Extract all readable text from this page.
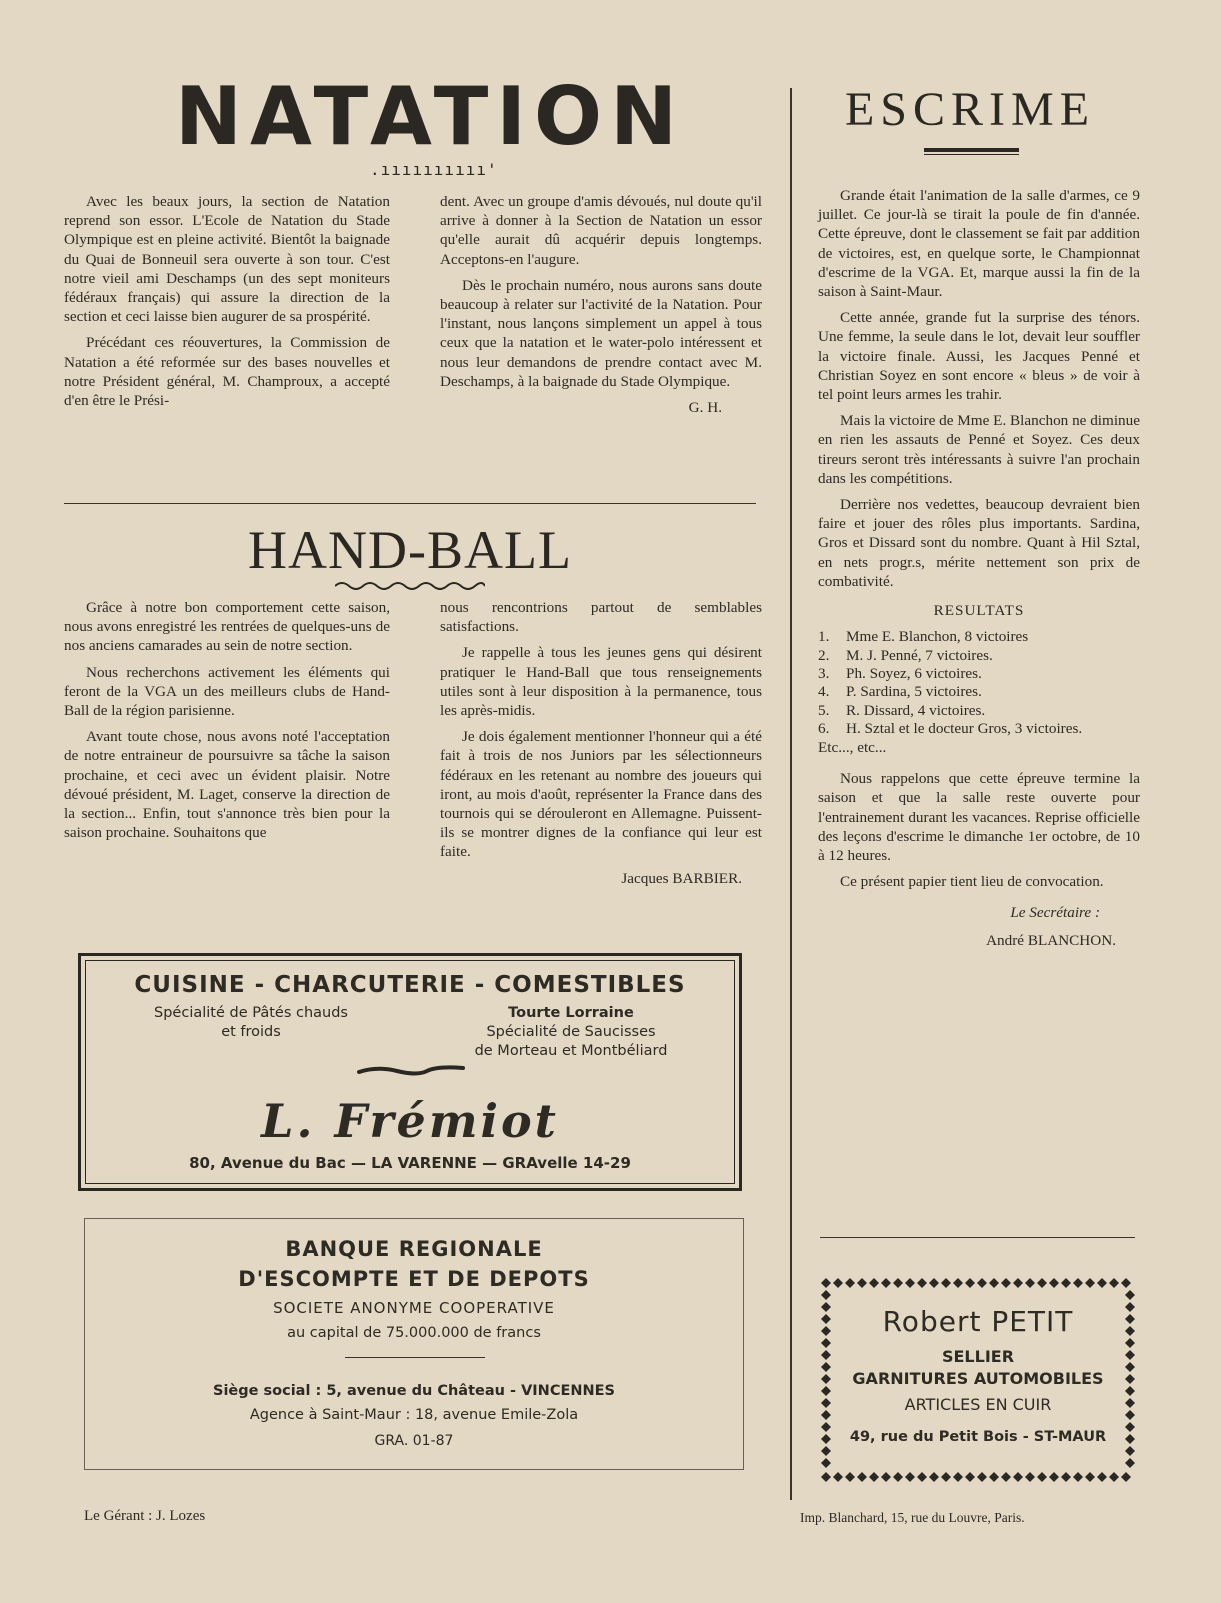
NATATION
.ıııııııııı'

Avec les beaux jours, la section de Natation reprend son essor. L'Ecole de Natation du Stade Olympique est en pleine activité. Bientôt la baignade du Quai de Bonneuil sera ouverte à son tour. C'est notre vieil ami Deschamps (un des sept moniteurs fédéraux français) qui assure la direction de la section et ceci laisse bien augurer de sa prospérité.

Précédant ces réouvertures, la Commission de Natation a été reformée sur des bases nouvelles et notre Président général, M. Champroux, a accepté d'en être le Prési-

dent. Avec un groupe d'amis dévoués, nul doute qu'il arrive à donner à la Section de Natation un essor qu'elle aurait dû acquérir depuis longtemps. Acceptons-en l'augure.

Dès le prochain numéro, nous aurons sans doute beaucoup à relater sur l'activité de la Natation. Pour l'instant, nous lançons simplement un appel à tous ceux que la natation et le water-polo intéressent et nous leur demandons de prendre contact avec M. Deschamps, à la baignade du Stade Olympique.

G. H.
HAND-BALL

Grâce à notre bon comportement cette saison, nous avons enregistré les rentrées de quelques-uns de nos anciens camarades au sein de notre section.

Nous recherchons activement les éléments qui feront de la VGA un des meilleurs clubs de Hand-Ball de la région parisienne.

Avant toute chose, nous avons noté l'acceptation de notre entraineur de poursuivre sa tâche la saison prochaine, et ceci avec un évident plaisir. Notre dévoué président, M. Laget, conserve la direction de la section... Enfin, tout s'annonce très bien pour la saison prochaine. Souhaitons que

nous rencontrions partout de semblables satisfactions.

Je rappelle à tous les jeunes gens qui désirent pratiquer le Hand-Ball que tous renseignements utiles sont à leur disposition à la permanence, tous les après-midis.

Je dois également mentionner l'honneur qui a été fait à trois de nos Juniors par les sélectionneurs fédéraux en les retenant au nombre des joueurs qui iront, au mois d'août, représenter la France dans des tournois qui se dérouleront en Allemagne. Puissent-ils se montrer dignes de la confiance qui leur est faite.

Jacques BARBIER.
ESCRIME

Grande était l'animation de la salle d'armes, ce 9 juillet. Ce jour-là se tirait la poule de fin d'année. Cette épreuve, dont le classement se fait par addition de victoires, est, en quelque sorte, le Championnat d'escrime de la VGA. Et, marque aussi la fin de la saison à Saint-Maur.

Cette année, grande fut la surprise des ténors. Une femme, la seule dans le lot, devait leur souffler la victoire finale. Aussi, les Jacques Penné et Christian Soyez en sont encore « bleus » de voir à tel point leurs armes les trahir.

Mais la victoire de Mme E. Blanchon ne diminue en rien les assauts de Penné et Soyez. Ces deux tireurs seront très intéressants à suivre l'an prochain dans les compétitions.

Derrière nos vedettes, beaucoup devraient bien faire et jouer des rôles plus importants. Sardina, Gros et Dissard sont du nombre. Quant à Hil Sztal, en nets progr.s, mérite nettement son prix de combativité.

RESULTATS
1.	Mme E. Blanchon, 8 victoires
2.	M. J. Penné, 7 victoires.
3.	Ph. Soyez, 6 victoires.
4.	P. Sardina, 5 victoires.
5.	R. Dissard, 4 victoires.
6.	H. Sztal et le docteur Gros, 3 victoires.
Etc..., etc...

Nous rappelons que cette épreuve termine la saison et que la salle reste ouverte pour l'entrainement durant les vacances. Reprise officielle des leçons d'escrime le dimanche 1er octobre, de 10 à 12 heures.

Ce présent papier tient lieu de convocation.

Le Secrétaire :
André BLANCHON.
CUISINE - CHARCUTERIE - COMESTIBLES
Spécialité de Pâtés chauds
et froids
Tourte Lorraine
Spécialité de Saucisses
de Morteau et Montbéliard
L. Frémiot
80, Avenue du Bac — LA VARENNE — GRAvelle 14-29
BANQUE REGIONALE
D'ESCOMPTE ET DE DEPOTS
SOCIETE ANONYME COOPERATIVE
au capital de 75.000.000 de francs
Siège social : 5, avenue du Château - VINCENNES
Agence à Saint-Maur : 18, avenue Emile-Zola
GRA. 01-87
Robert PETIT
SELLIER
GARNITURES AUTOMOBILES
ARTICLES EN CUIR
49, rue du Petit Bois - ST-MAUR
Le Gérant : J. Lozes	Imp. Blanchard, 15, rue du Louvre, Paris.
